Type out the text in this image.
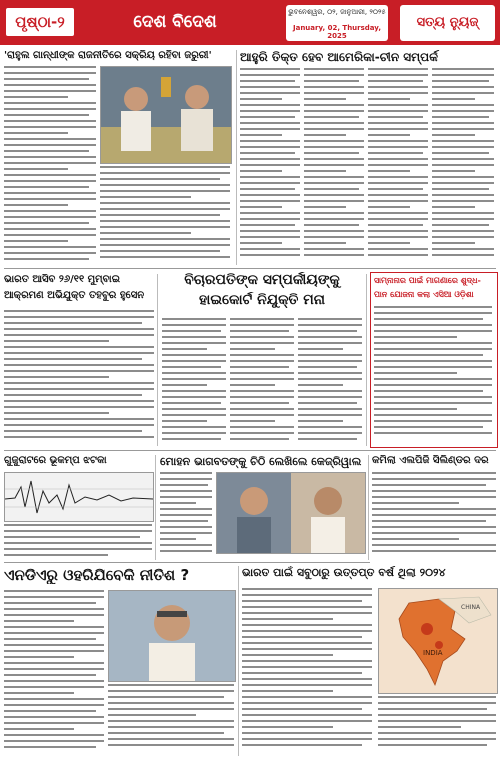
ପୃଷ୍ଠା-୨	ଦେଶ ବିଦେଶ	ଭୁବନେଶ୍ୱର, ୦୨, ଜାନୁଆରୀ, ୨୦୨୫
January, 02, Thursday, 2025
ସତ୍ୟ ନ୍ୟୁଜ୍
'ରାହୁଲ ଗାନ୍ଧୀଙ୍କ ରାଜନୀତିରେ ସକ୍ରିୟ ରହିବା ଜରୁରୀ'	ଆହୁରି ତିକ୍ତ ହେବ ଆମେରିକା-ଚୀନ ସମ୍ପର୍କ
ଭାରତ ଆସିବ ୨୬/୧୧ ମୁମ୍ବାଇ
ଆକ୍ରମଣ ଅଭିଯୁକ୍ତ ତହବୁର ହୁସେନ
ବିଚାରପତିଙ୍କ ସମ୍ପର୍କୀୟଙ୍କୁ
ହାଇକୋର୍ଟ ନିଯୁକ୍ତି ମନା
ସାମ୍ନାନାର ପାଇଁ ମାଗଣାରେ ଶୁଦ୍ଧ-
ପାନ ଯୋଜନା କଲା ଏସିଆ ଓଡ଼ିଶା
ଗୁଜୁରାଟରେ ଭୂକମ୍ପ ଝଟକା	ମୋହନ ଭାଗବତଙ୍କୁ ଚିଠି ଲେଖିଲେ କେଜ୍ରିୱାଲ କମିଲା ଏଲପିଜି ସିଲିଣ୍ଡର ଦର
ଏନଡିଏରୁ ଓହରିଯିବେକି ନୀତିଶ ?	ଭାରତ ପାଇଁ ସବୁଠାରୁ ଉତ୍ତପ୍ତ ବର୍ଷ ଥିଲା ୨୦୨୪
INDIA
CHINA
